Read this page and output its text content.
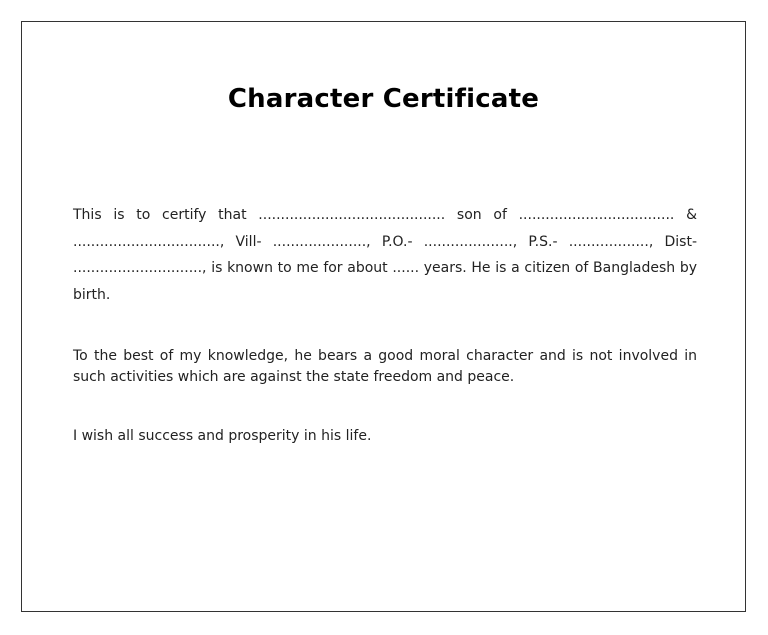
Character Certificate
This is to certify that .......................................... son of ................................... & ................................., Vill- ....................., P.O.- ...................., P.S.- .................., Dist- ............................., is known to me for about ...... years. He is a citizen of Bangladesh by birth.
To the best of my knowledge, he bears a good moral character and is not involved in such activities which are against the state freedom and peace.
I wish all success and prosperity in his life.
